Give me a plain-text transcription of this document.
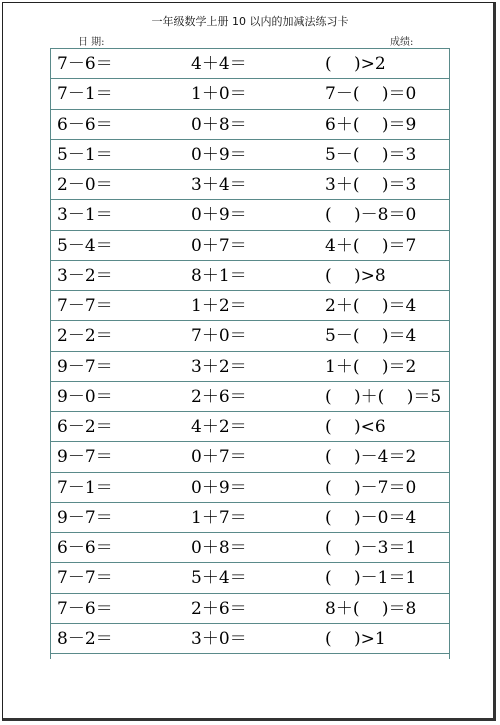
一年级数学上册 10 以内的加减法练习卡
日 期:	成绩:
7－6＝	4＋4＝	(　 )>2
7－1＝	1＋0＝	7－(　 )＝0
6－6＝	0＋8＝	6＋(　 )＝9
5－1＝	0＋9＝	5－(　 )＝3
2－0＝	3＋4＝	3＋(　 )＝3
3－1＝	0＋9＝	(　 )－8＝0
5－4＝	0＋7＝	4＋(　 )＝7
3－2＝	8＋1＝	(　 )>8
7－7＝	1＋2＝	2＋(　 )＝4
2－2＝	7＋0＝	5－(　 )＝4
9－7＝	3＋2＝	1＋(　 )＝2
9－0＝	2＋6＝	(　 )＋(　 )＝5
6－2＝	4＋2＝	(　 )<6
9－7＝	0＋7＝	(　 )－4＝2
7－1＝	0＋9＝	(　 )－7＝0
9－7＝	1＋7＝	(　 )－0＝4
6－6＝	0＋8＝	(　 )－3＝1
7－7＝	5＋4＝	(　 )－1＝1
7－6＝	2＋6＝	8＋(　 )＝8
8－2＝	3＋0＝	(　 )>1
